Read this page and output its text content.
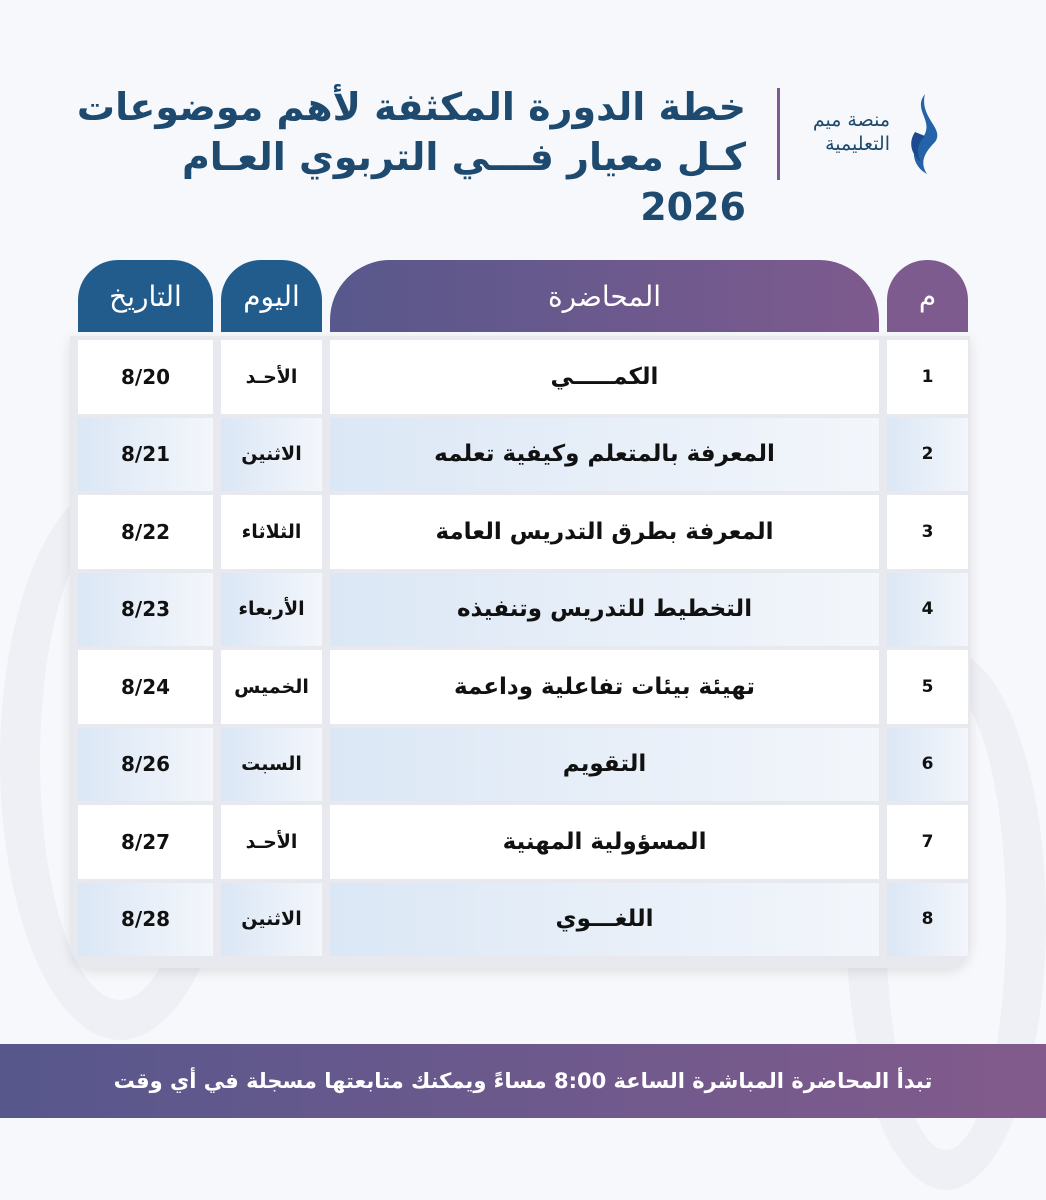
خطة الدورة المكثفة لأهم موضوعات
كـل معيار فـــي التربوي العـام 2026
منصة ميم
التعليمية
التاريخ	اليوم	المحاضرة	م
8/20	الأحـد	الكمـــــي	1
8/21	الاثنين	المعرفة بالمتعلم وكيفية تعلمه	2
8/22	الثلاثاء	المعرفة بطرق التدريس العامة	3
8/23	الأربعاء	التخطيط للتدريس وتنفيذه	4
8/24	الخميس	تهيئة بيئات تفاعلية وداعمة	5
8/26	السبت	التقويم	6
8/27	الأحـد	المسؤولية المهنية	7
8/28	الاثنين	اللغـــوي	8
تبدأ المحاضرة المباشرة الساعة 8:00 مساءً ويمكنك متابعتها مسجلة في أي وقت
